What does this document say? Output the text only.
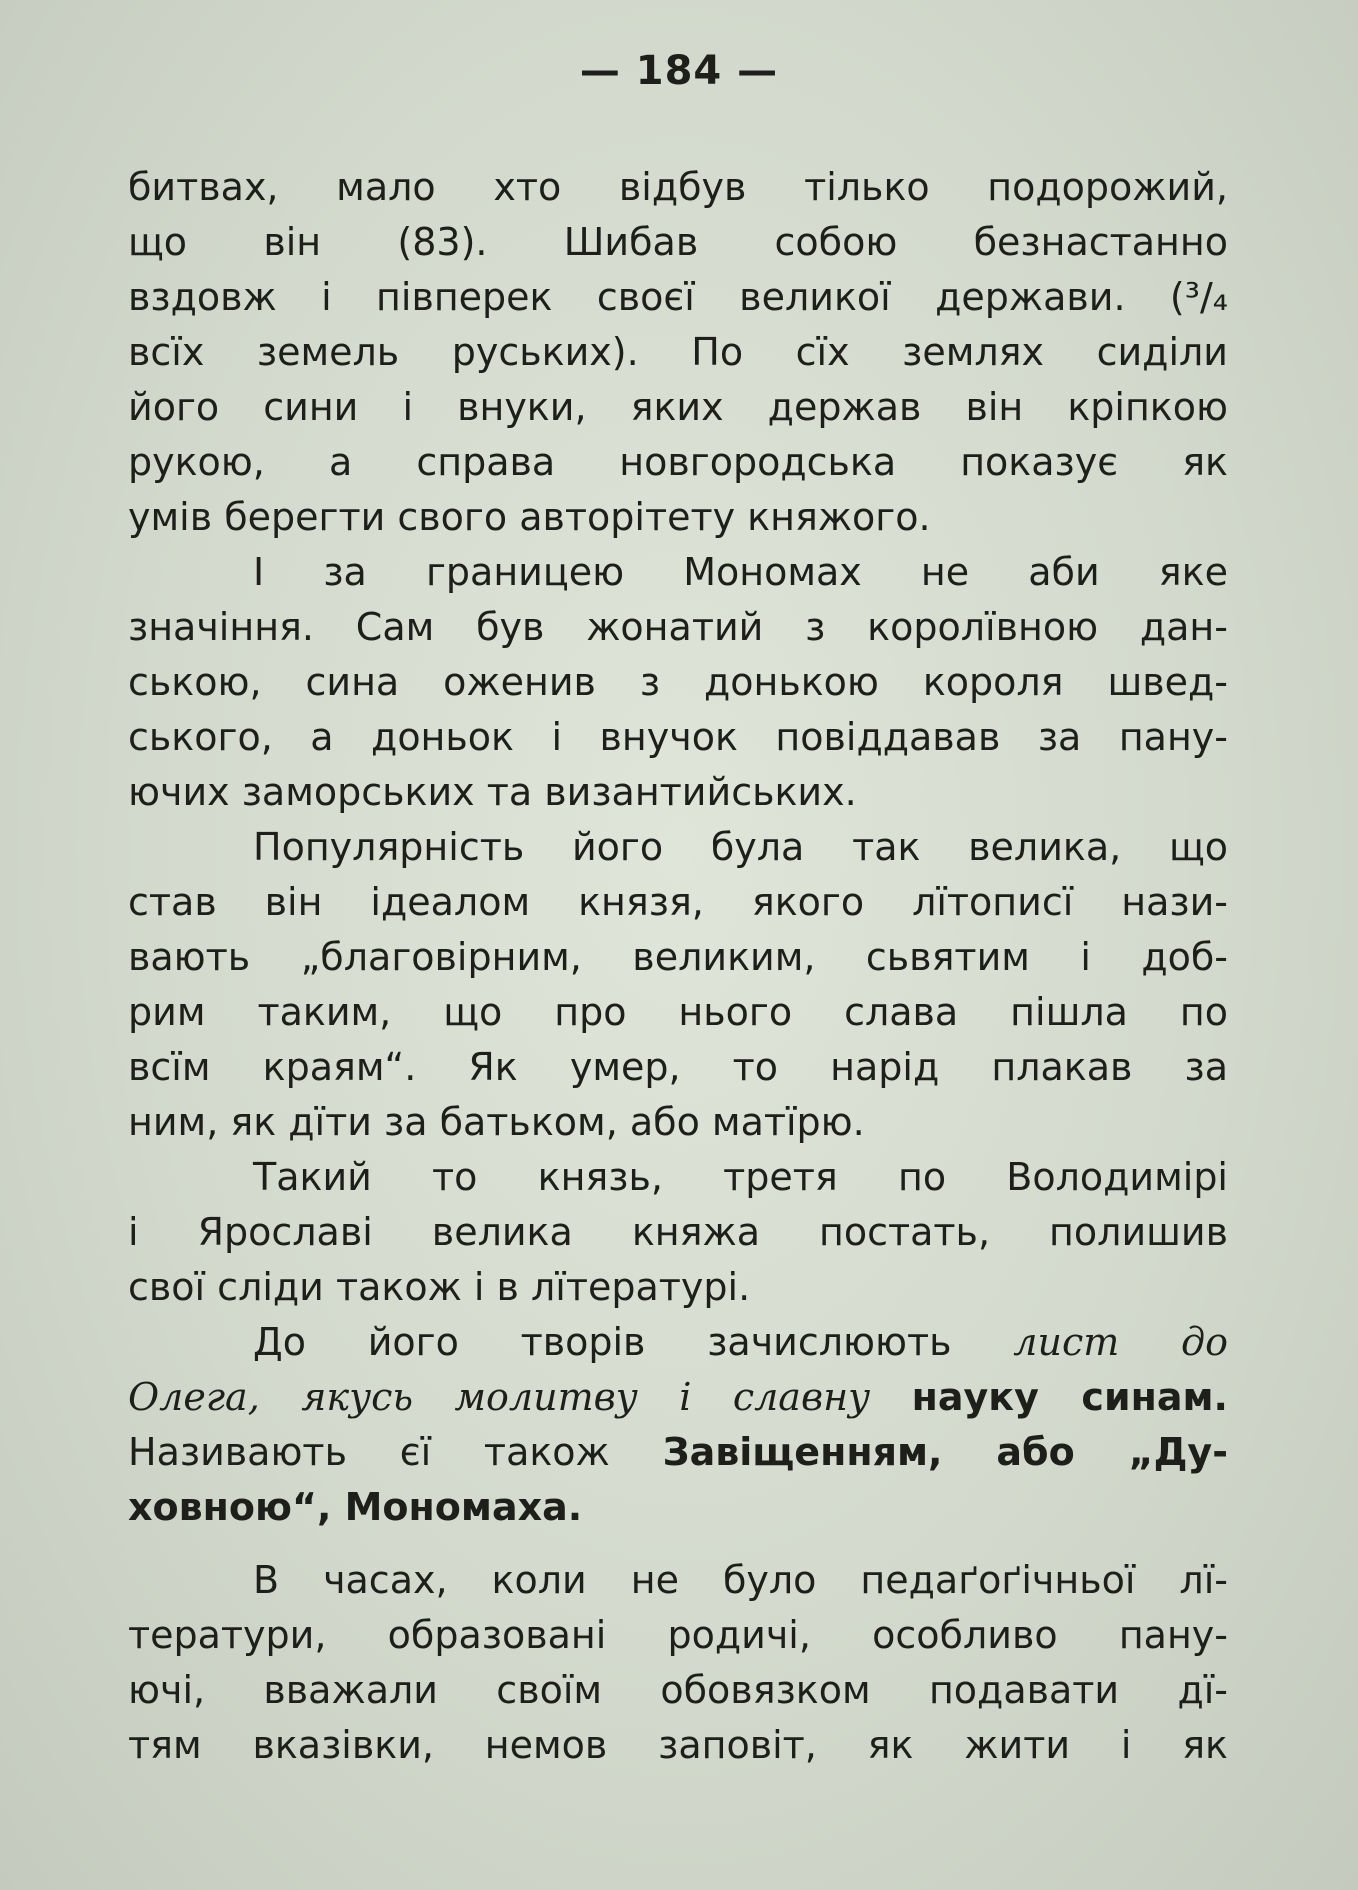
— 184 —
битвах, мало хто відбув тілько подорожий,
що він (83). Шибав собою безнастанно
вздовж і півперек своєї великої держави. (³/₄
всїх земель руських). По сїх землях сиділи
його сини і внуки, яких держав він кріпкою
рукою, а справа новгородська показує як
умів берегти свого авторітету княжого.
І за границею Мономах не аби яке
значіння. Сам був жонатий з королївною дан-
ською, сина оженив з донькою короля швед-
ського, а доньок і внучок повіддавав за пану-
ючих заморських та византийських.
Популярність його була так велика, що
став він ідеалом князя, якого лїтописї нази-
вають „благовірним, великим, сьвятим і доб-
рим таким, що про нього слава пішла по
всїм краям“. Як умер, то нарід плакав за
ним, як дїти за батьком, або матїрю.
Такий то князь, третя по Володимірі
і Ярославі велика княжа постать, полишив
свої сліди також і в лїтературі.
До його творів зачислюють лист до
Олега, якусь молитву і славну науку синам.
Називають єї також Завіщенням, або „Ду-
ховною“, Мономаха.
В часах, коли не було педаґоґічньої лї-
тератури, образовані родичі, особливо пану-
ючі, вважали своїм обовязком подавати дї-
тям вказівки, немов заповіт, як жити і як
